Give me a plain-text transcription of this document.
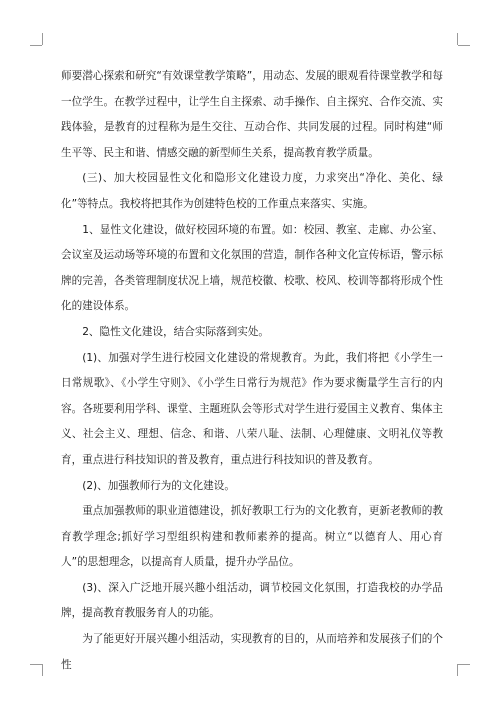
师要潜心探索和研究“有效课堂教学策略”，用动态、发展的眼观看待课堂教学和每一位学生。在教学过程中，让学生自主探索、动手操作、自主探究、合作交流、实践体验，是教育的过程称为是生交往、互动合作、共同发展的过程。同时构建“师生平等、民主和谐、情感交融的新型师生关系，提高教育教学质量。

(三)、加大校园显性文化和隐形文化建设力度，力求突出“净化、美化、绿化”等特点。我校将把其作为创建特色校的工作重点来落实、实施。

1、显性文化建设，做好校园环境的布置。如：校园、教室、走廊、办公室、会议室及运动场等环境的布置和文化氛围的营造，制作各种文化宣传标语，警示标牌的完善，各类管理制度状况上墙，规范校徽、校歌、校风、校训等都将形成个性化的建设体系。

2、隐性文化建设，结合实际落到实处。

(1)、加强对学生进行校园文化建设的常规教育。为此，我们将把《小学生一日常规歌》、《小学生守则》、《小学生日常行为规范》作为要求衡量学生言行的内容。各班要利用学科、课堂、主题班队会等形式对学生进行爱国主义教育、集体主义、社会主义、理想、信念、和谐、八荣八耻、法制、心理健康、文明礼仪等教育，重点进行科技知识的普及教育，重点进行科技知识的普及教育。

(2)、加强教师行为的文化建设。

重点加强教师的职业道德建设，抓好教职工行为的文化教育，更新老教师的教育教学理念;抓好学习型组织构建和教师素养的提高。树立“以德育人、用心育人”的思想理念，以提高育人质量，提升办学品位。

(3)、深入广泛地开展兴趣小组活动，调节校园文化氛围，打造我校的办学品牌，提高教育教服务育人的功能。

为了能更好开展兴趣小组活动，实现教育的目的，从而培养和发展孩子们的个性
